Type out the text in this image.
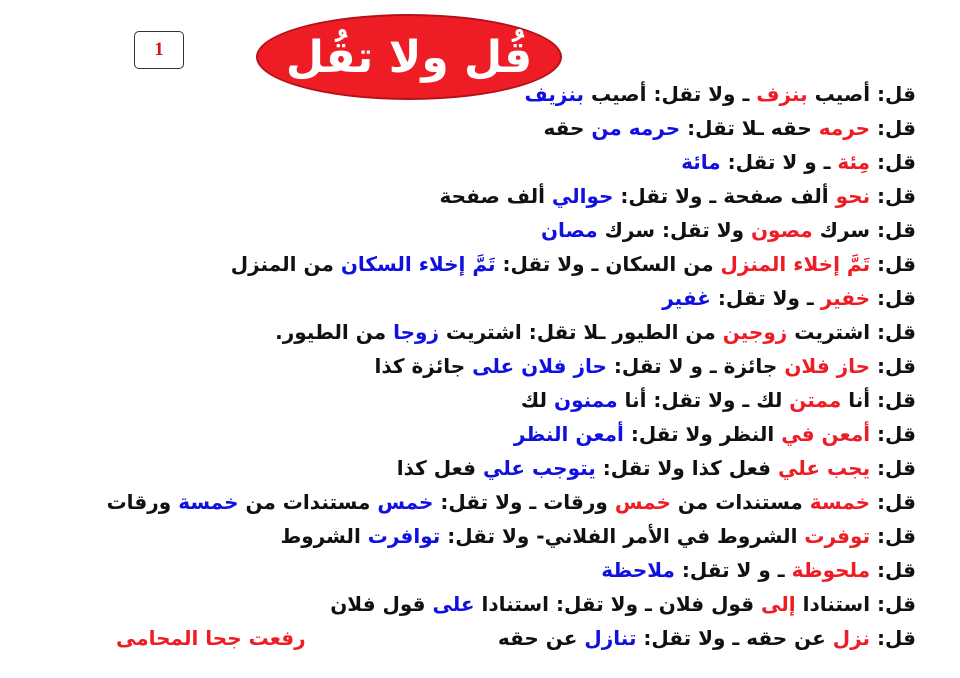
قُل ولا تقُل
1
قل: أصيب بنزف ـ ولا تقل: أصيب بنزيف
قل: حرمه حقه ـلا تقل: حرمه من حقه
قل: مِئة ـ و لا تقل: مائة
قل: نحو ألف صفحة ـ ولا تقل: حوالي ألف صفحة
قل: سرك مصون ولا تقل: سرك مصان
قل: تَمَّ إخلاء المنزل من السكان ـ ولا تقل: تَمَّ إخلاء السكان من المنزل
قل: خفير ـ ولا تقل: غفير
قل: اشتريت زوجين من الطيور ـلا تقل: اشتريت زوجا من الطيور.
قل: حاز فلان جائزة ـ و لا تقل: حاز فلان على جائزة كذا
قل: أنا ممتن لك ـ ولا تقل: أنا ممنون لك
قل: أمعن في النظر ولا تقل: أمعن النظر
قل: يجب علي فعل كذا ولا تقل: يتوجب علي فعل كذا
قل: خمسة مستندات من خمس ورقات ـ ولا تقل: خمس مستندات من خمسة ورقات
قل: توفرت الشروط في الأمر الفلاني- ولا تقل: توافرت الشروط
قل: ملحوظة ـ و لا تقل: ملاحظة
قل: استنادا إلى قول فلان ـ ولا تقل: استنادا على قول فلان
قل: نزل عن حقه ـ ولا تقل: تنازل عن حقه
رفعت جحا المحامى
